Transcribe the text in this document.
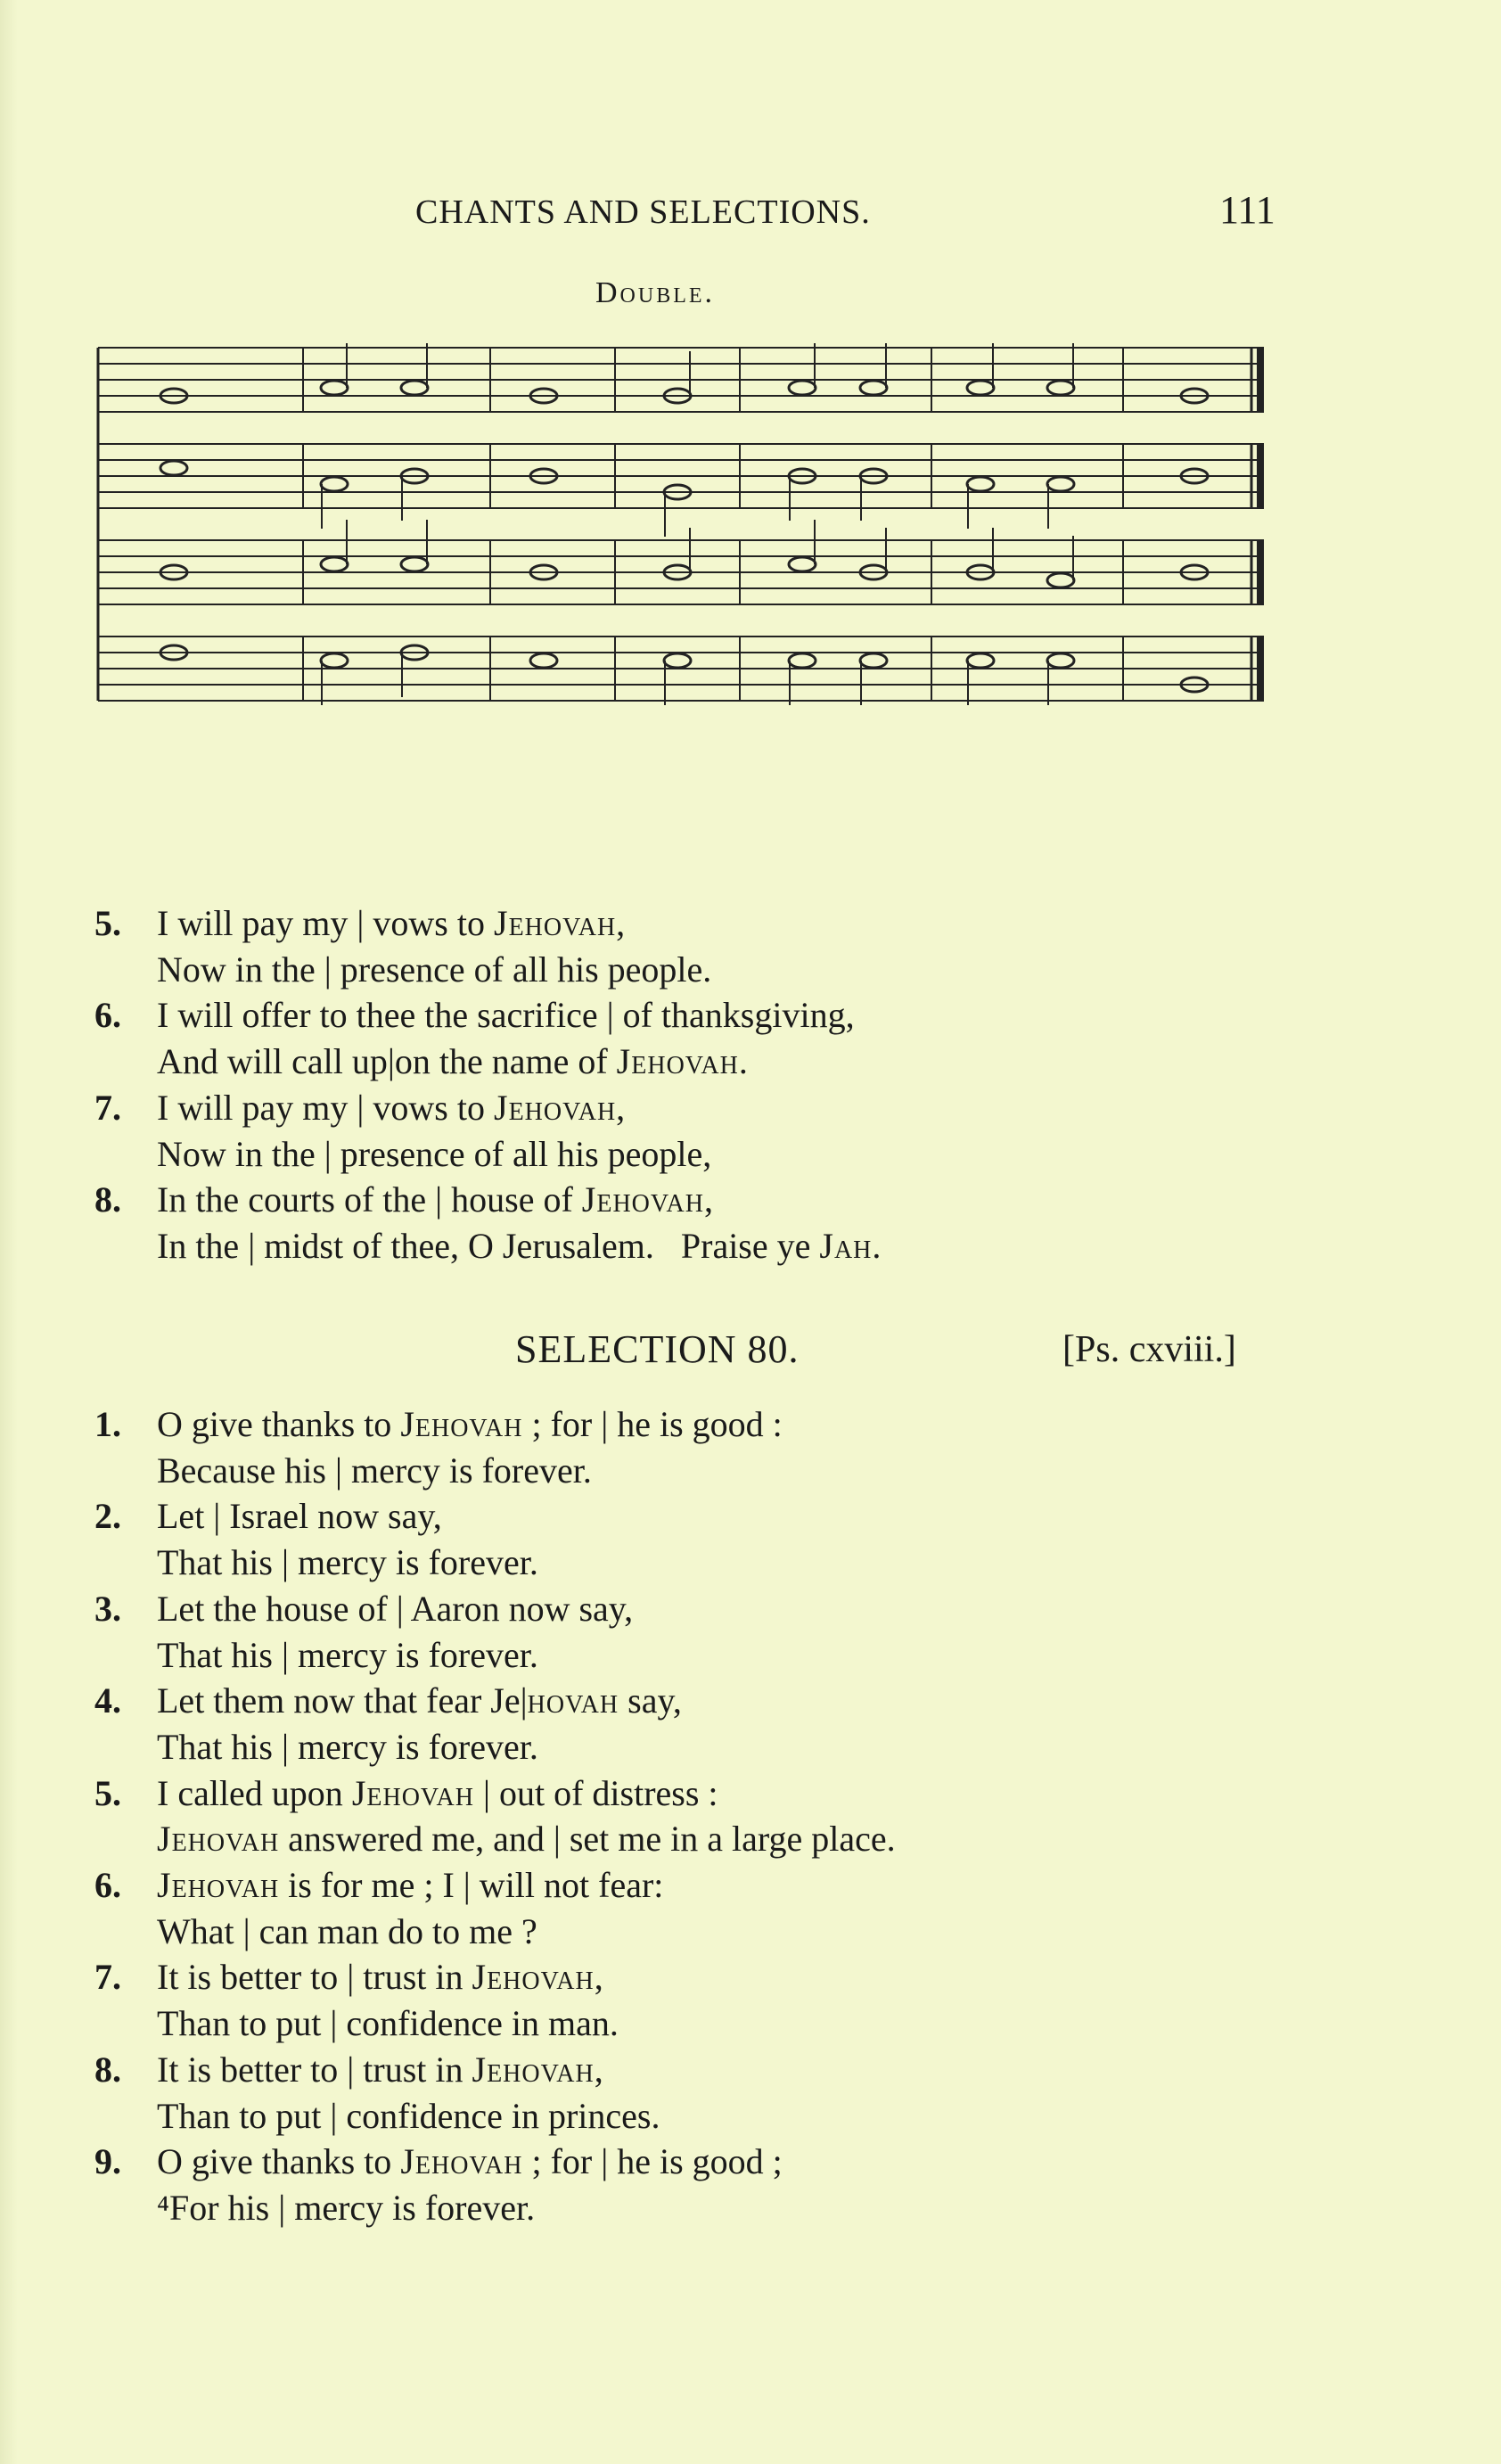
CHANTS AND SELECTIONS.	111
Double.
5.	I will pay my | vows to Jehovah,
Now in the | presence of all his people.
6.	I will offer to thee the sacrifice | of thanksgiving,
And will call up|on the name of Jehovah.
7.	I will pay my | vows to Jehovah,
Now in the | presence of all his people,
8.	In the courts of the | house of Jehovah,
In the | midst of thee, O Jerusalem.   Praise ye Jah.
SELECTION 80.	[Ps. cxviii.]
1.	O give thanks to Jehovah ; for | he is good :
Because his | mercy is forever.
2.	Let | Israel now say,
That his | mercy is forever.
3.	Let the house of | Aaron now say,
That his | mercy is forever.
4.	Let them now that fear Je|hovah say,
That his | mercy is forever.
5.	I called upon Jehovah | out of distress :
Jehovah answered me, and | set me in a large place.
6.	Jehovah is for me ; I | will not fear:
What | can man do to me ?
7.	It is better to | trust in Jehovah,
Than to put | confidence in man.
8.	It is better to | trust in Jehovah,
Than to put | confidence in princes.
9.	O give thanks to Jehovah ; for | he is good ;
⁴For his | mercy is forever.
